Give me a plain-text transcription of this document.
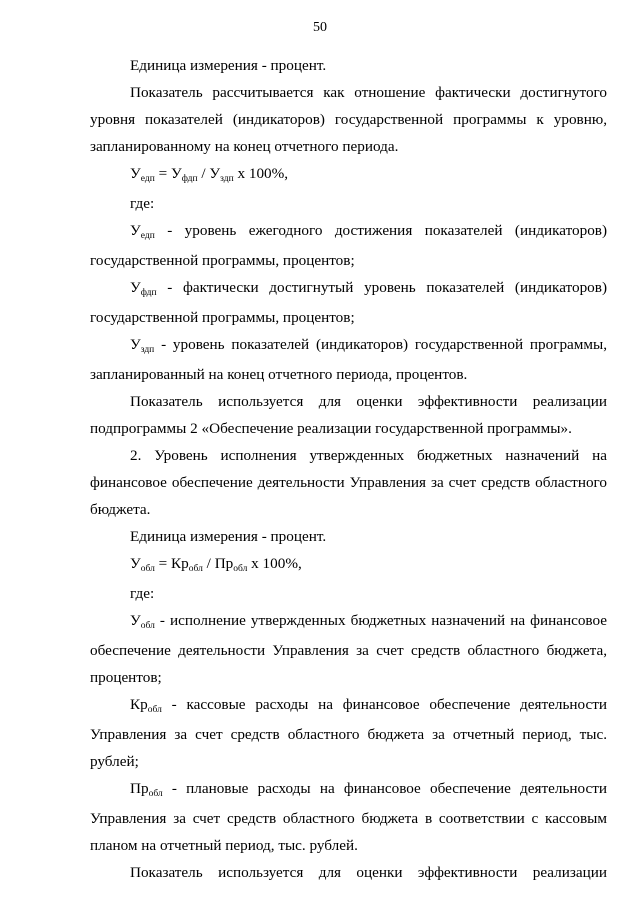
50

Единица измерения - процент.

Показатель рассчитывается как отношение фактически достигнутого уровня показателей (индикаторов) государственной программы к уровню, запланированному на конец отчетного периода.

$У_{едп} = У_{фдп} / У_{здп}$ х 100%,

где:

$У_{едп}$ - уровень ежегодного достижения показателей (индикаторов) государственной программы, процентов;

$У_{фдп}$ - фактически достигнутый уровень показателей (индикаторов) государственной программы, процентов;

$У_{здп}$ - уровень показателей (индикаторов) государственной программы, запланированный на конец отчетного периода, процентов.

Показатель используется для оценки эффективности реализации подпрограммы 2 «Обеспечение реализации государственной программы».

2. Уровень исполнения утвержденных бюджетных назначений на финансовое обеспечение деятельности Управления за счет средств областного бюджета.

Единица измерения - процент.

$У_{обл} = Кр_{обл} / Пр_{обл}$ х 100%,

где:

$У_{обл}$ - исполнение утвержденных бюджетных назначений на финансовое обеспечение деятельности Управления за счет средств областного бюджета, процентов;

$Кр_{обл}$ - кассовые расходы на финансовое обеспечение деятельности Управления за счет средств областного бюджета за отчетный период, тыс. рублей;

$Пр_{обл}$ - плановые расходы на финансовое обеспечение деятельности Управления за счет средств областного бюджета в соответствии с кассовым планом на отчетный период, тыс. рублей.

Показатель используется для оценки эффективности реализации
